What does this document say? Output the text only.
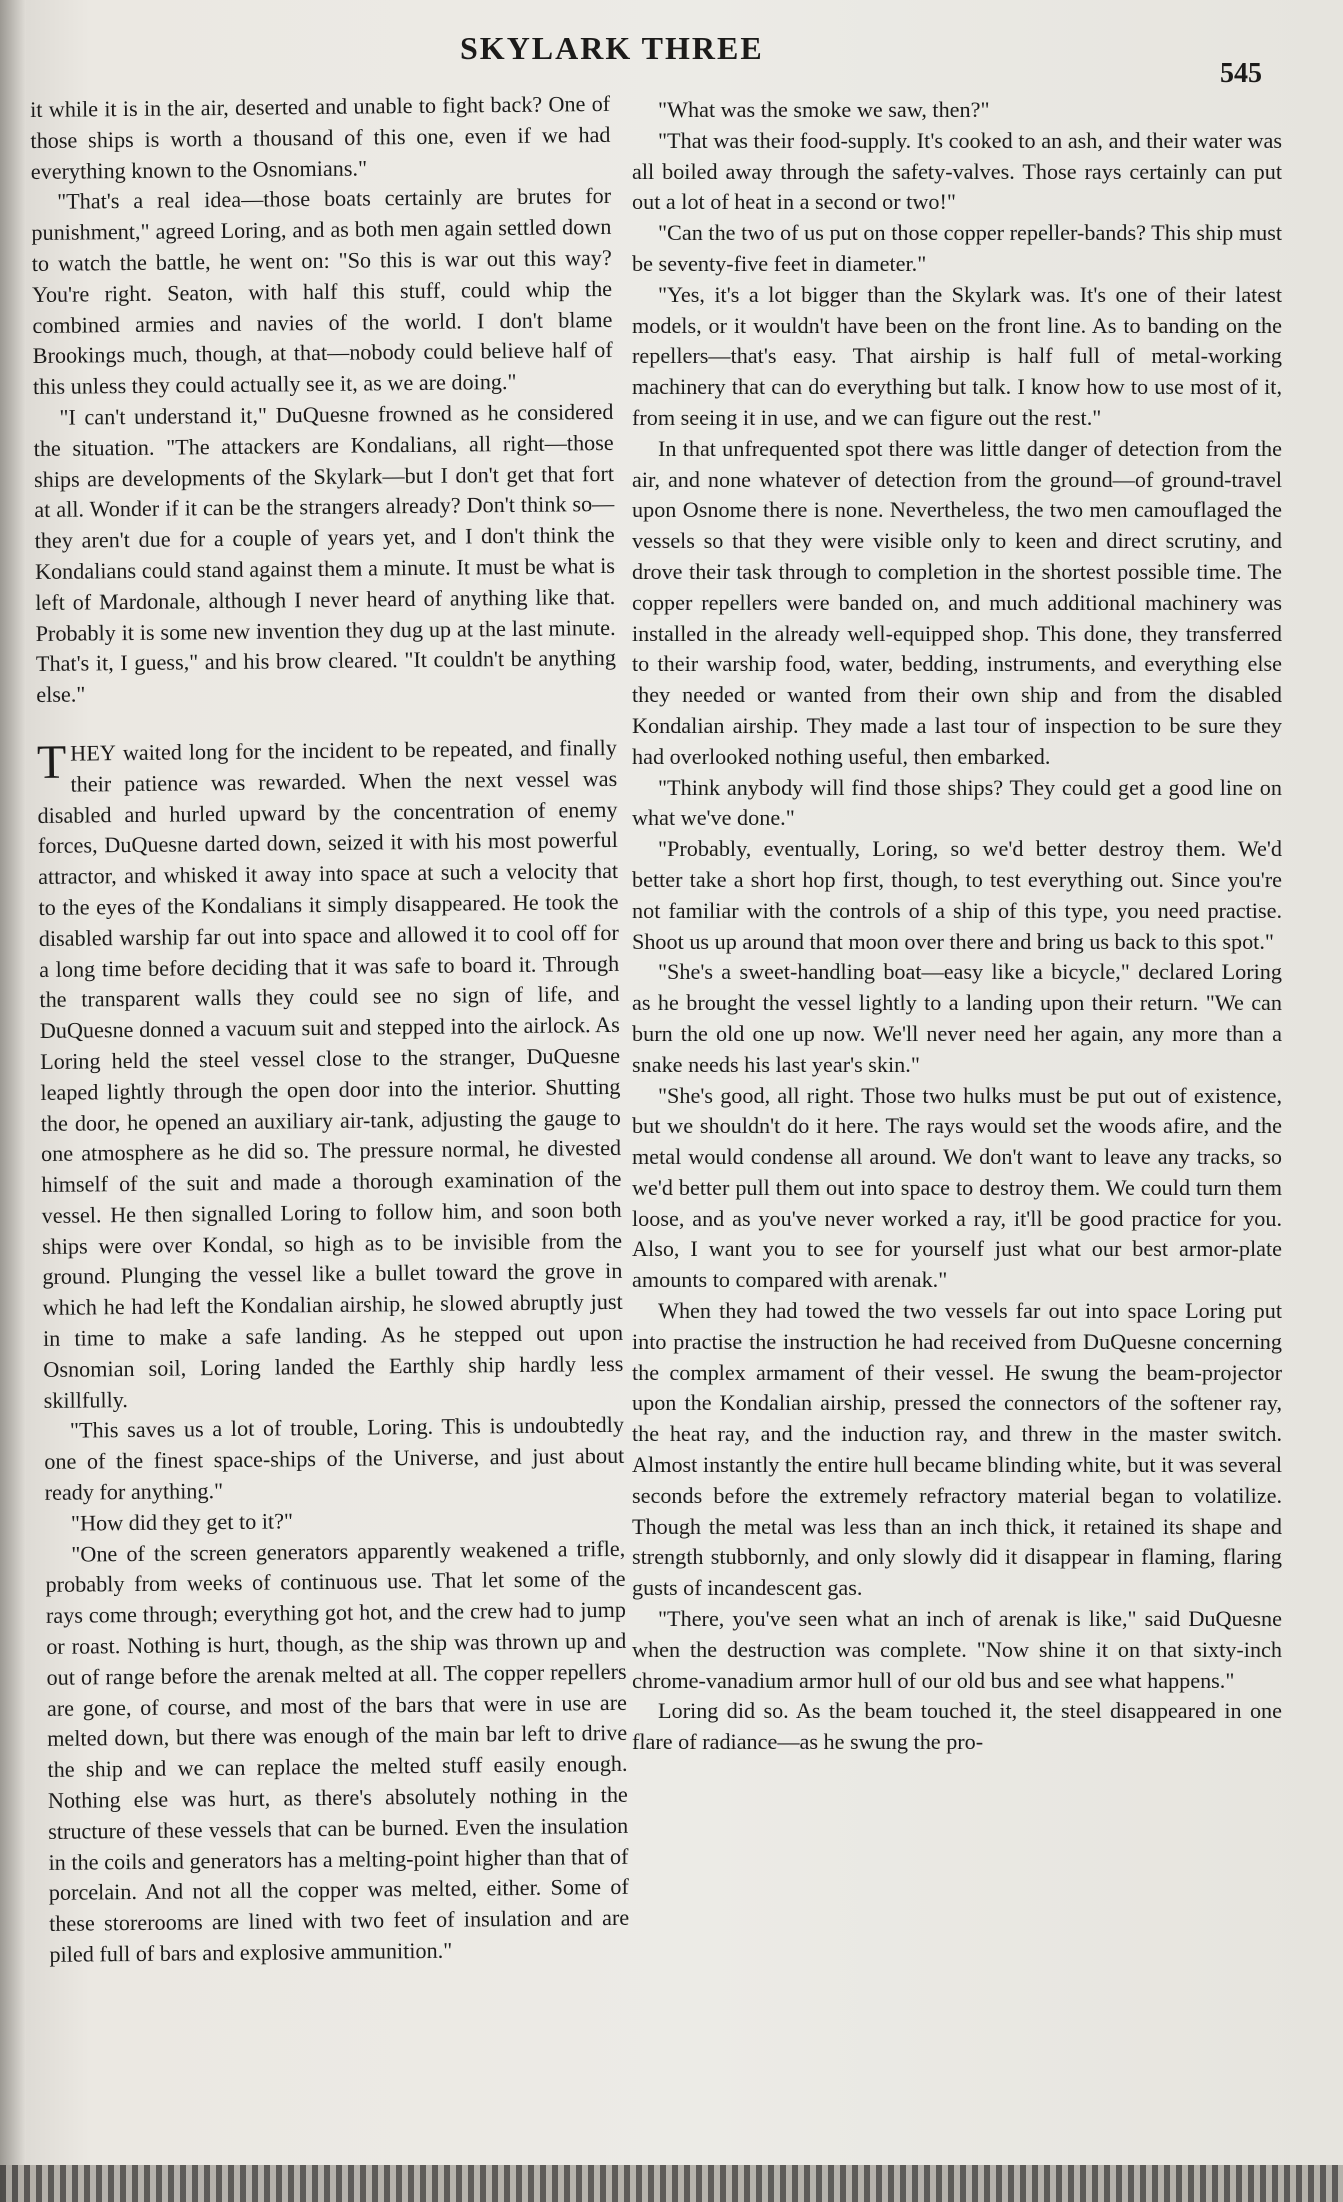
SKYLARK THREE
545

it while it is in the air, deserted and unable to fight back? One of those ships is worth a thousand of this one, even if we had everything known to the Osnomians."

"That's a real idea—those boats certainly are brutes for punishment," agreed Loring, and as both men again settled down to watch the battle, he went on: "So this is war out this way? You're right. Seaton, with half this stuff, could whip the combined armies and navies of the world. I don't blame Brookings much, though, at that—nobody could believe half of this unless they could actually see it, as we are doing."

"I can't understand it," DuQuesne frowned as he considered the situation. "The attackers are Kondalians, all right—those ships are developments of the Skylark—but I don't get that fort at all. Wonder if it can be the strangers already? Don't think so—they aren't due for a couple of years yet, and I don't think the Kondalians could stand against them a minute. It must be what is left of Mardonale, although I never heard of anything like that. Probably it is some new invention they dug up at the last minute. That's it, I guess," and his brow cleared. "It couldn't be anything else."

THEY waited long for the incident to be repeated, and finally their patience was rewarded. When the next vessel was disabled and hurled upward by the concentration of enemy forces, DuQuesne darted down, seized it with his most powerful attractor, and whisked it away into space at such a velocity that to the eyes of the Kondalians it simply disappeared. He took the disabled warship far out into space and allowed it to cool off for a long time before deciding that it was safe to board it. Through the transparent walls they could see no sign of life, and DuQuesne donned a vacuum suit and stepped into the airlock. As Loring held the steel vessel close to the stranger, DuQuesne leaped lightly through the open door into the interior. Shutting the door, he opened an auxiliary air-tank, adjusting the gauge to one atmosphere as he did so. The pressure normal, he divested himself of the suit and made a thorough examination of the vessel. He then signalled Loring to follow him, and soon both ships were over Kondal, so high as to be invisible from the ground. Plunging the vessel like a bullet toward the grove in which he had left the Kondalian airship, he slowed abruptly just in time to make a safe landing. As he stepped out upon Osnomian soil, Loring landed the Earthly ship hardly less skillfully.

"This saves us a lot of trouble, Loring. This is undoubtedly one of the finest space-ships of the Universe, and just about ready for anything."

"How did they get to it?"

"One of the screen generators apparently weakened a trifle, probably from weeks of continuous use. That let some of the rays come through; everything got hot, and the crew had to jump or roast. Nothing is hurt, though, as the ship was thrown up and out of range before the arenak melted at all. The copper repellers are gone, of course, and most of the bars that were in use are melted down, but there was enough of the main bar left to drive the ship and we can replace the melted stuff easily enough. Nothing else was hurt, as there's absolutely nothing in the structure of these vessels that can be burned. Even the insulation in the coils and generators has a melting-point higher than that of porcelain. And not all the copper was melted, either. Some of these storerooms are lined with two feet of insulation and are piled full of bars and explosive ammunition."

"What was the smoke we saw, then?"

"That was their food-supply. It's cooked to an ash, and their water was all boiled away through the safety-valves. Those rays certainly can put out a lot of heat in a second or two!"

"Can the two of us put on those copper repeller-bands? This ship must be seventy-five feet in diameter."

"Yes, it's a lot bigger than the Skylark was. It's one of their latest models, or it wouldn't have been on the front line. As to banding on the repellers—that's easy. That airship is half full of metal-working machinery that can do everything but talk. I know how to use most of it, from seeing it in use, and we can figure out the rest."

In that unfrequented spot there was little danger of detection from the air, and none whatever of detection from the ground—of ground-travel upon Osnome there is none. Nevertheless, the two men camouflaged the vessels so that they were visible only to keen and direct scrutiny, and drove their task through to completion in the shortest possible time. The copper repellers were banded on, and much additional machinery was installed in the already well-equipped shop. This done, they transferred to their warship food, water, bedding, instruments, and everything else they needed or wanted from their own ship and from the disabled Kondalian airship. They made a last tour of inspection to be sure they had overlooked nothing useful, then embarked.

"Think anybody will find those ships? They could get a good line on what we've done."

"Probably, eventually, Loring, so we'd better destroy them. We'd better take a short hop first, though, to test everything out. Since you're not familiar with the controls of a ship of this type, you need practise. Shoot us up around that moon over there and bring us back to this spot."

"She's a sweet-handling boat—easy like a bicycle," declared Loring as he brought the vessel lightly to a landing upon their return. "We can burn the old one up now. We'll never need her again, any more than a snake needs his last year's skin."

"She's good, all right. Those two hulks must be put out of existence, but we shouldn't do it here. The rays would set the woods afire, and the metal would condense all around. We don't want to leave any tracks, so we'd better pull them out into space to destroy them. We could turn them loose, and as you've never worked a ray, it'll be good practice for you. Also, I want you to see for yourself just what our best armor-plate amounts to compared with arenak."

When they had towed the two vessels far out into space Loring put into practise the instruction he had received from DuQuesne concerning the complex armament of their vessel. He swung the beam-projector upon the Kondalian airship, pressed the connectors of the softener ray, the heat ray, and the induction ray, and threw in the master switch. Almost instantly the entire hull became blinding white, but it was several seconds before the extremely refractory material began to volatilize. Though the metal was less than an inch thick, it retained its shape and strength stubbornly, and only slowly did it disappear in flaming, flaring gusts of incandescent gas.

"There, you've seen what an inch of arenak is like," said DuQuesne when the destruction was complete. "Now shine it on that sixty-inch chrome-vanadium armor hull of our old bus and see what happens."

Loring did so. As the beam touched it, the steel disappeared in one flare of radiance—as he swung the pro-
